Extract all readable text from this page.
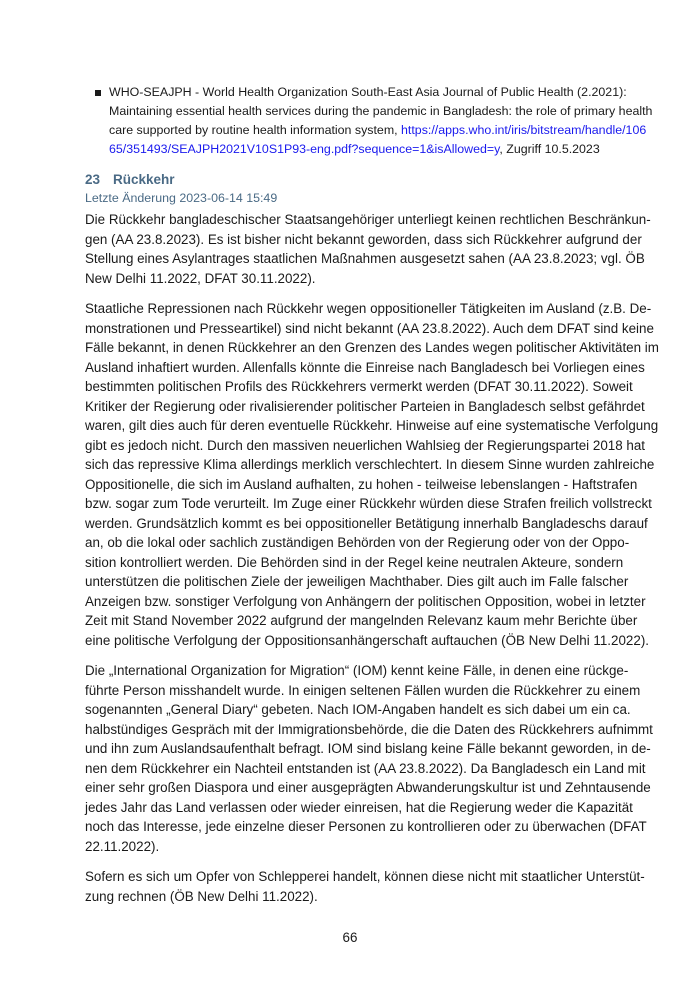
WHO-SEAJPH - World Health Organization South-East Asia Journal of Public Health (2.2021):
Maintaining essential health services during the pandemic in Bangladesh: the role of primary health
care supported by routine health information system, https://apps.who.int/iris/bitstream/handle/106
65/351493/SEAJPH2021V10S1P93-eng.pdf?sequence=1&isAllowed=y, Zugriff 10.5.2023
23 Rückkehr
Letzte Änderung 2023-06-14 15:49

Die Rückkehr bangladeschischer Staatsangehöriger unterliegt keinen rechtlichen Beschränkun-
gen (AA 23.8.2023). Es ist bisher nicht bekannt geworden, dass sich Rückkehrer aufgrund der
Stellung eines Asylantrages staatlichen Maßnahmen ausgesetzt sahen (AA 23.8.2023; vgl. ÖB
New Delhi 11.2022, DFAT 30.11.2022).

Staatliche Repressionen nach Rückkehr wegen oppositioneller Tätigkeiten im Ausland (z.B. De-
monstrationen und Presseartikel) sind nicht bekannt (AA 23.8.2022). Auch dem DFAT sind keine
Fälle bekannt, in denen Rückkehrer an den Grenzen des Landes wegen politischer Aktivitäten im
Ausland inhaftiert wurden. Allenfalls könnte die Einreise nach Bangladesch bei Vorliegen eines
bestimmten politischen Profils des Rückkehrers vermerkt werden (DFAT 30.11.2022). Soweit
Kritiker der Regierung oder rivalisierender politischer Parteien in Bangladesch selbst gefährdet
waren, gilt dies auch für deren eventuelle Rückkehr. Hinweise auf eine systematische Verfolgung
gibt es jedoch nicht. Durch den massiven neuerlichen Wahlsieg der Regierungspartei 2018 hat
sich das repressive Klima allerdings merklich verschlechtert. In diesem Sinne wurden zahlreiche
Oppositionelle, die sich im Ausland aufhalten, zu hohen - teilweise lebenslangen - Haftstrafen
bzw. sogar zum Tode verurteilt. Im Zuge einer Rückkehr würden diese Strafen freilich vollstreckt
werden. Grundsätzlich kommt es bei oppositioneller Betätigung innerhalb Bangladeschs darauf
an, ob die lokal oder sachlich zuständigen Behörden von der Regierung oder von der Oppo-
sition kontrolliert werden. Die Behörden sind in der Regel keine neutralen Akteure, sondern
unterstützen die politischen Ziele der jeweiligen Machthaber. Dies gilt auch im Falle falscher
Anzeigen bzw. sonstiger Verfolgung von Anhängern der politischen Opposition, wobei in letzter
Zeit mit Stand November 2022 aufgrund der mangelnden Relevanz kaum mehr Berichte über
eine politische Verfolgung der Oppositionsanhängerschaft auftauchen (ÖB New Delhi 11.2022).

Die „International Organization for Migration“ (IOM) kennt keine Fälle, in denen eine rückge-
führte Person misshandelt wurde. In einigen seltenen Fällen wurden die Rückkehrer zu einem
sogenannten „General Diary“ gebeten. Nach IOM-Angaben handelt es sich dabei um ein ca.
halbstündiges Gespräch mit der Immigrationsbehörde, die die Daten des Rückkehrers aufnimmt
und ihn zum Auslandsaufenthalt befragt. IOM sind bislang keine Fälle bekannt geworden, in de-
nen dem Rückkehrer ein Nachteil entstanden ist (AA 23.8.2022). Da Bangladesch ein Land mit
einer sehr großen Diaspora und einer ausgeprägten Abwanderungskultur ist und Zehntausende
jedes Jahr das Land verlassen oder wieder einreisen, hat die Regierung weder die Kapazität
noch das Interesse, jede einzelne dieser Personen zu kontrollieren oder zu überwachen (DFAT
22.11.2022).

Sofern es sich um Opfer von Schlepperei handelt, können diese nicht mit staatlicher Unterstüt-
zung rechnen (ÖB New Delhi 11.2022).

66
